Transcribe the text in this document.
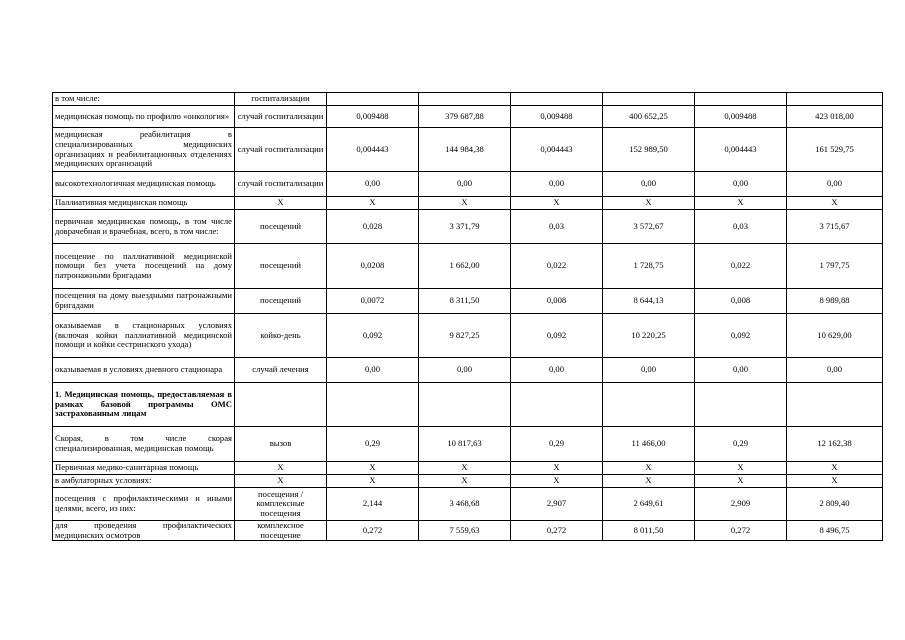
в том числе:	госпитализации						
медицинская помощь по профилю «онкология»	случай госпитализации	0,009488	379 687,88	0,009488	400 652,25	0,009488	423 018,00
медицинская реабилитация в специализированных медицинских организациях и реабилитационных отделениях медицинских организаций	случай госпитализации	0,004443	144 984,38	0,004443	152 989,50	0,004443	161 529,75
высокотехнологичная медицинская помощь	случай госпитализации	0,00	0,00	0,00	0,00	0,00	0,00
Паллиативная медицинская помощь	X	X	X	X	X	X	X
первичная медицинская помощь, в том числе доврачебная и врачебная, всего, в том числе:	посещений	0,028	3 371,79	0,03	3 572,67	0,03	3 715,67
посещение по паллиативной медицинской помощи без учета посещений на дому патронажными бригадами	посещений	0,0208	1 662,00	0,022	1 728,75	0,022	1 797,75
посещения на дому выездными патронажными бригадами	посещений	0,0072	8 311,50	0,008	8 644,13	0,008	8 989,88
оказываемая в стационарных условиях (включая койки паллиативной медицинской помощи и койки сестринского ухода)	койко-день	0,092	9 827,25	0,092	10 220,25	0,092	10 629,00
оказываемая в условиях дневного стационара	случай лечения	0,00	0,00	0,00	0,00	0,00	0,00
1. Медицинская помощь, предоставляемая в рамках базовой программы ОМС застрахованным лицам							
Скорая, в том числе скорая специализированная, медицинская помощь	вызов	0,29	10 817,63	0,29	11 466,00	0,29	12 162,38
Первичная медико-санитарная помощь	X	X	X	X	X	X	X
в амбулаторных условиях:	X	X	X	X	X	X	X
посещения с профилактическими и иными целями, всего, из них:	посещения / комплексные посещения	2,144	3 468,68	2,907	2 649,61	2,909	2 809,40
для проведения профилактических медицинских осмотров	комплексное посещение	0,272	7 559,63	0,272	8 011,50	0,272	8 496,75
